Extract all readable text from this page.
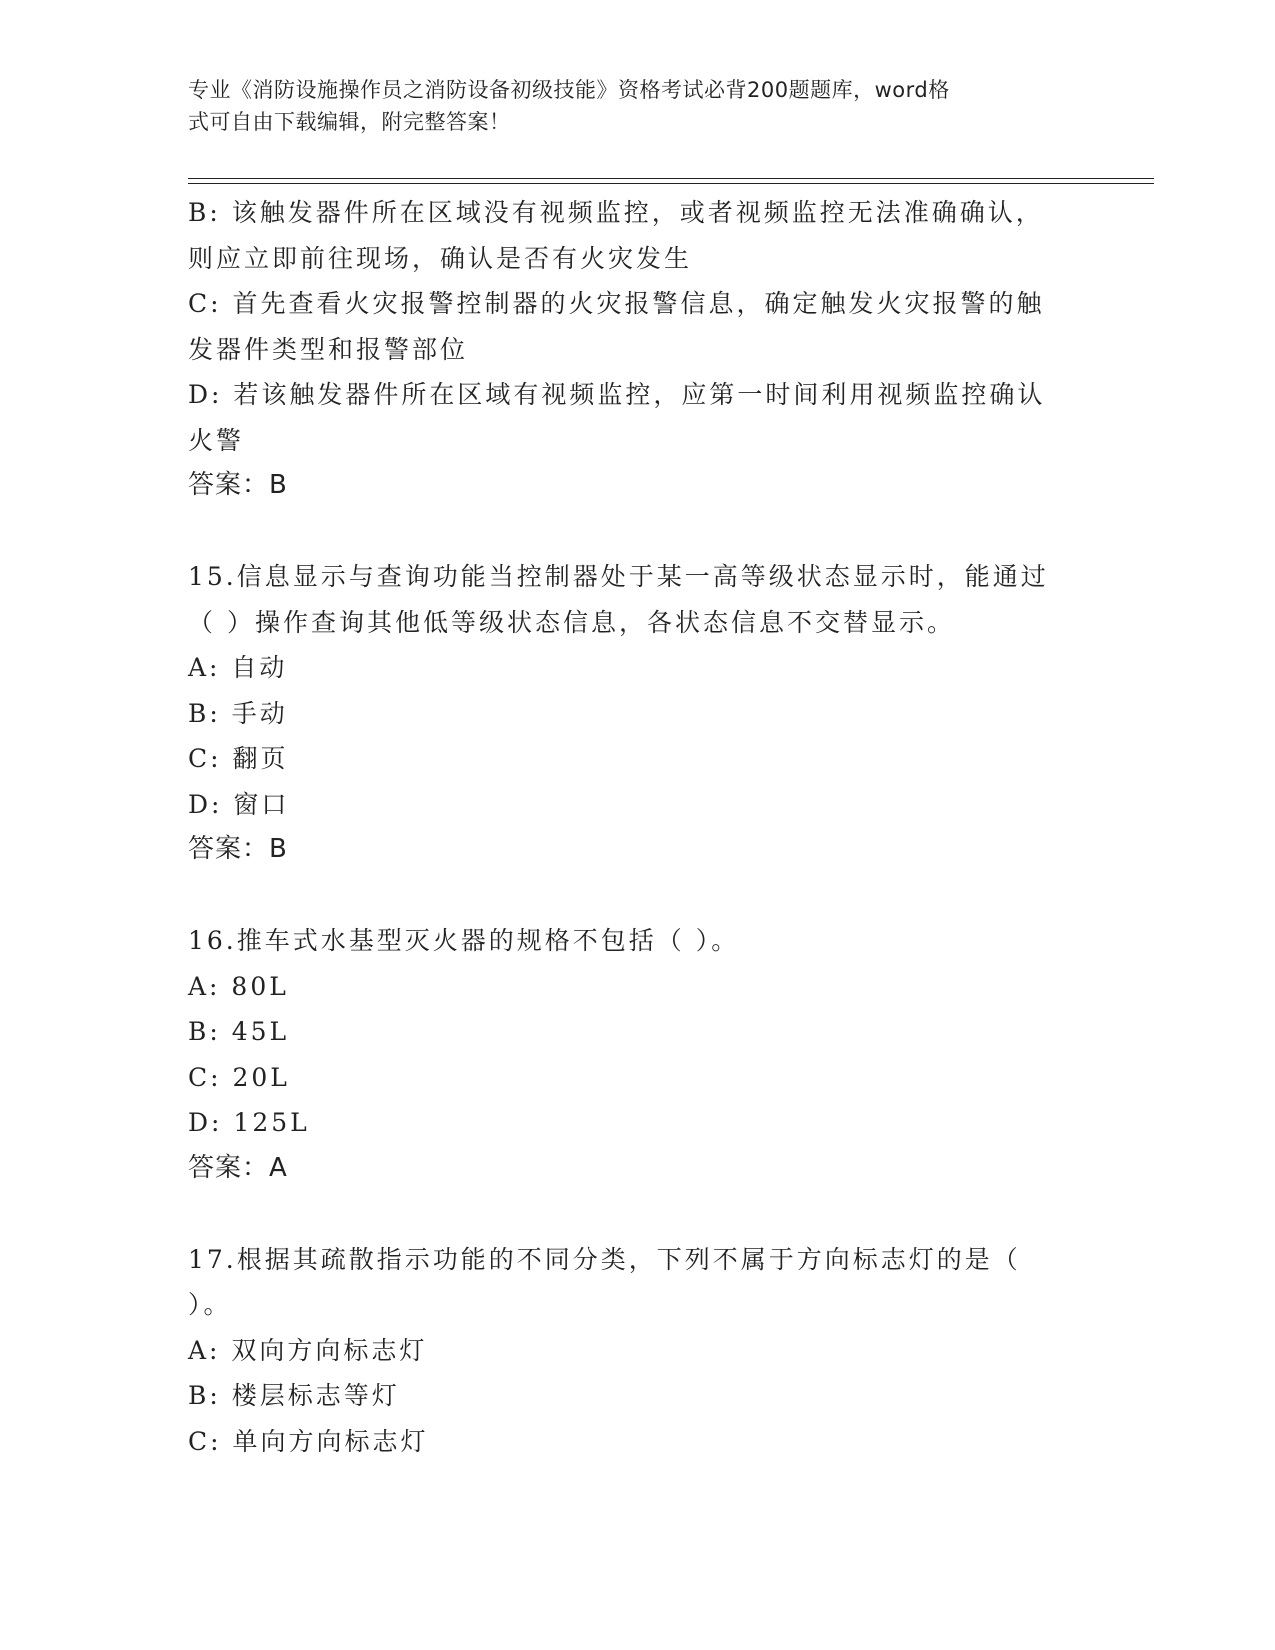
专业《消防设施操作员之消防设备初级技能》资格考试必背200题题库，word格
式可自由下载编辑，附完整答案！
B: 该触发器件所在区域没有视频监控，或者视频监控无法准确确认，
则应立即前往现场，确认是否有火灾发生
C: 首先查看火灾报警控制器的火灾报警信息，确定触发火灾报警的触
发器件类型和报警部位
D: 若该触发器件所在区域有视频监控，应第一时间利用视频监控确认
火警
答案：B
15.信息显示与查询功能当控制器处于某一高等级状态显示时，能通过
（ ）操作查询其他低等级状态信息，各状态信息不交替显示。
A: 自动
B: 手动
C: 翻页
D: 窗口
答案：B
16.推车式水基型灭火器的规格不包括（ ）。
A: 80L
B: 45L
C: 20L
D: 125L
答案：A
17.根据其疏散指示功能的不同分类，下列不属于方向标志灯的是（
）。
A: 双向方向标志灯
B: 楼层标志等灯
C: 单向方向标志灯
